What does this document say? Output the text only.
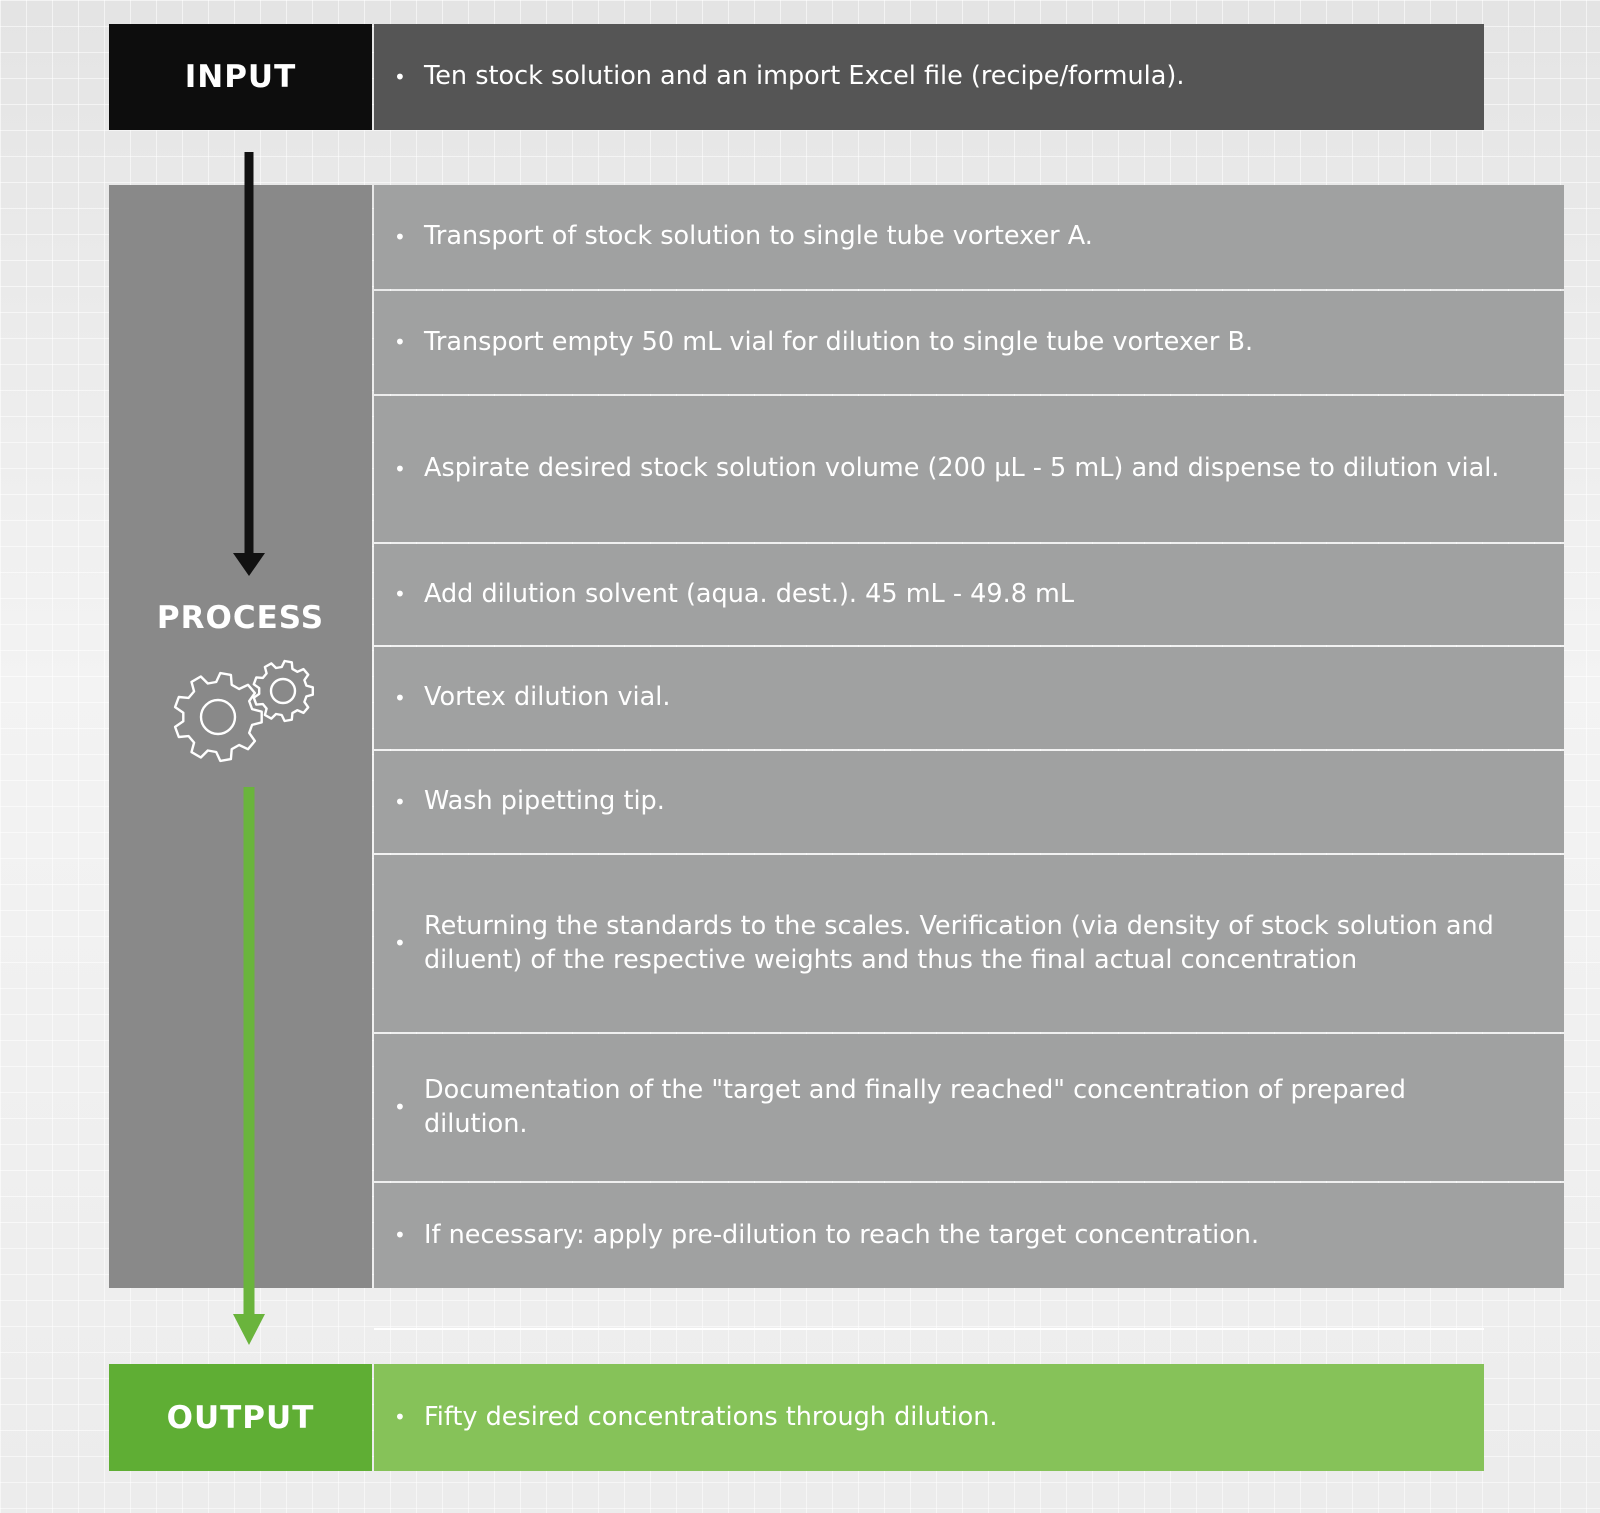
INPUT	• Ten stock solution and an import Excel file (recipe/formula).
PROCESS
• Transport of stock solution to single tube vortexer A.
• Transport empty 50 mL vial for dilution to single tube vortexer B.
• Aspirate desired stock solution volume (200 µL - 5 mL) and dispense to dilution vial.
• Add dilution solvent (aqua. dest.). 45 mL - 49.8 mL
• Vortex dilution vial.
• Wash pipetting tip.
•
Returning the standards to the scales. Verification (via density of stock solution and diluent) of the respective weights and thus the final actual concentration
•
Documentation of the "target and finally reached" concentration of prepared dilution.
• If necessary: apply pre-dilution to reach the target concentration.
OUTPUT	• Fifty desired concentrations through dilution.
